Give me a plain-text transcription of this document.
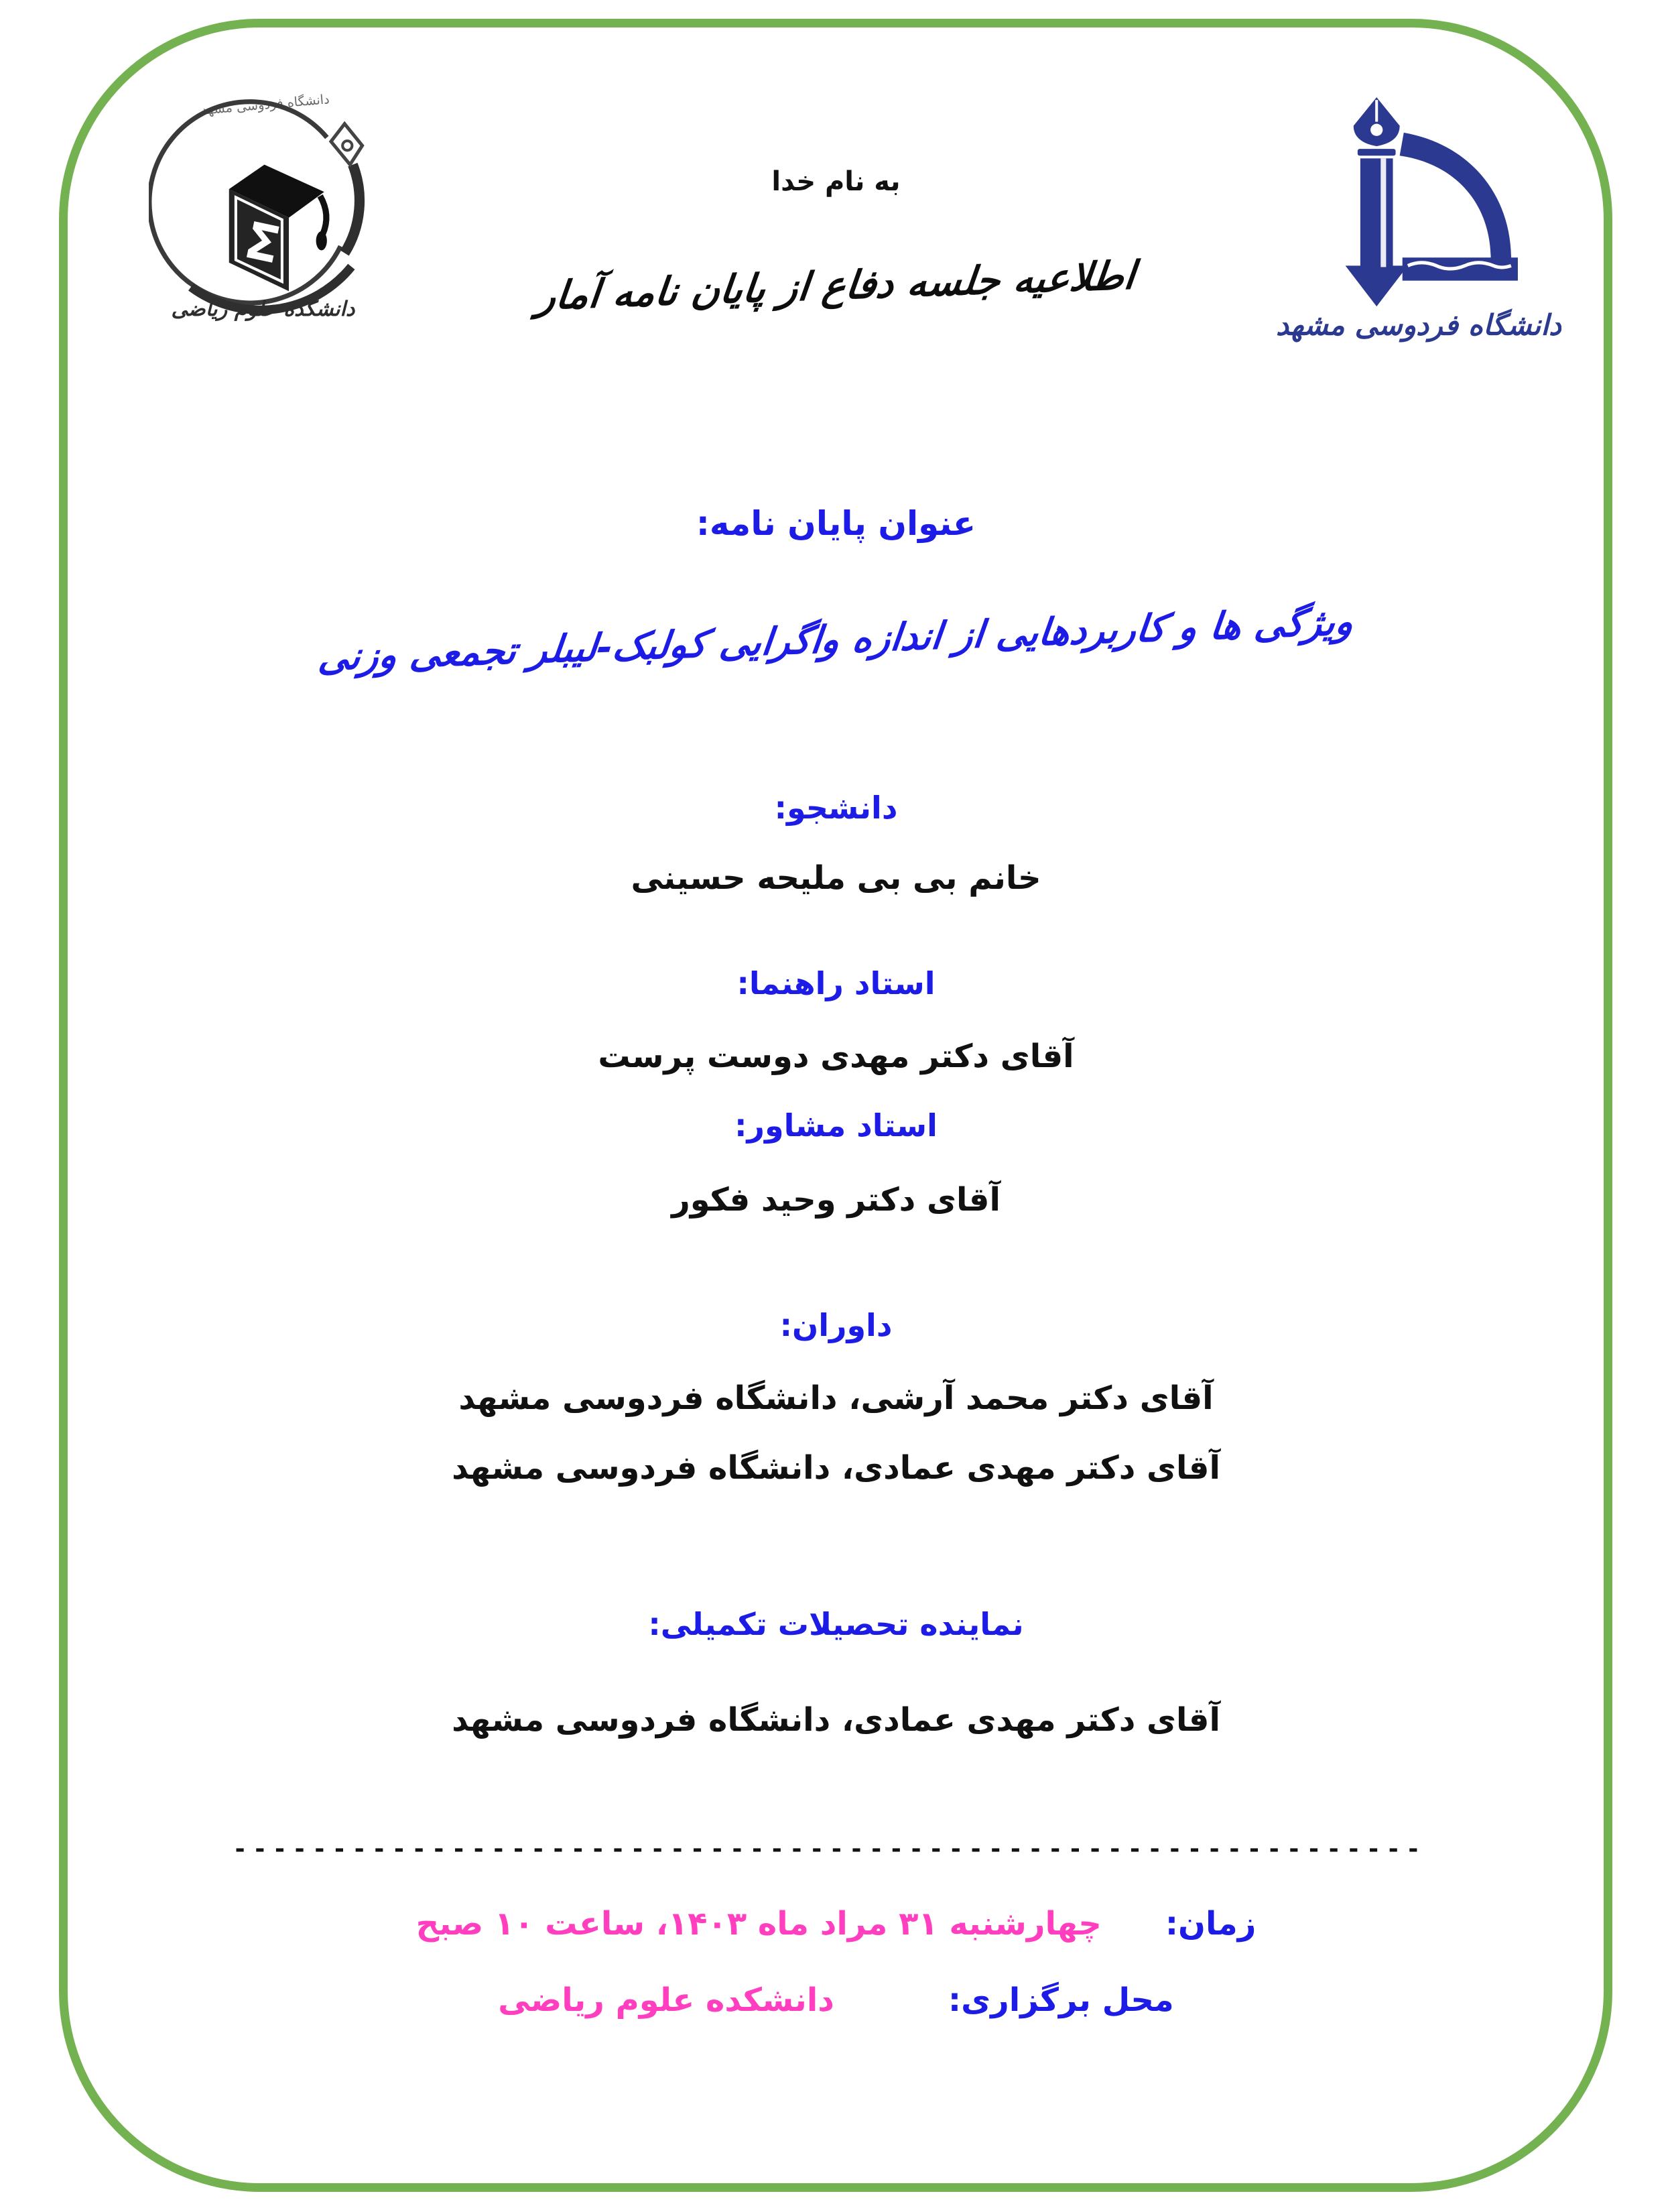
دانشگاه فردوسی مشهد
Σ
دانشکده علوم ریاضی
دانشگاه فردوسی مشهد
به نام خدا
اطلاعیه جلسه دفاع از پایان نامه آمار
عنوان پایان نامه:
ویژگی ها و کاربردهایی از اندازه واگرایی کولبک-لیبلر تجمعی وزنی
دانشجو:
خانم بی بی ملیحه حسینی
استاد راهنما:
آقای دکتر مهدی دوست پرست
استاد مشاور:
آقای دکتر وحید فکور
داوران:
آقای دکتر محمد آرشی، دانشگاه فردوسی مشهد
آقای دکتر مهدی عمادی، دانشگاه فردوسی مشهد
نماینده تحصیلات تکمیلی:
آقای دکتر مهدی عمادی، دانشگاه فردوسی مشهد
------------------------------------------------------------
زمان:
چهارشنبه ۳۱ مراد ماه ۱۴۰۳، ساعت ۱۰ صبح
محل برگزاری:
دانشکده علوم ریاضی
